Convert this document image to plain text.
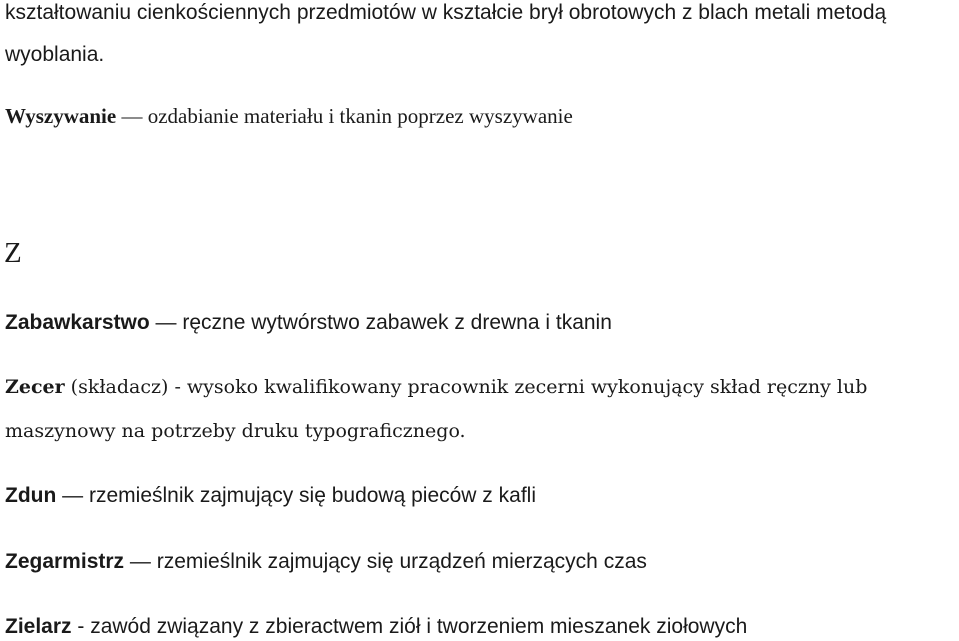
kształtowaniu cienkościennych przedmiotów w kształcie brył obrotowych z blach metali metodą
wyoblania.
Wyszywanie — ozdabianie materiału i tkanin poprzez wyszywanie
Z
Zabawkarstwo — ręczne wytwórstwo zabawek z drewna i tkanin
Zecer (składacz) - wysoko kwalifikowany pracownik zecerni wykonujący skład ręczny lub
maszynowy na potrzeby druku typograficznego.
Zdun — rzemieślnik zajmujący się budową pieców z kafli
Zegarmistrz — rzemieślnik zajmujący się urządzeń mierzących czas
Zielarz - zawód związany z zbieractwem ziół i tworzeniem mieszanek ziołowych
